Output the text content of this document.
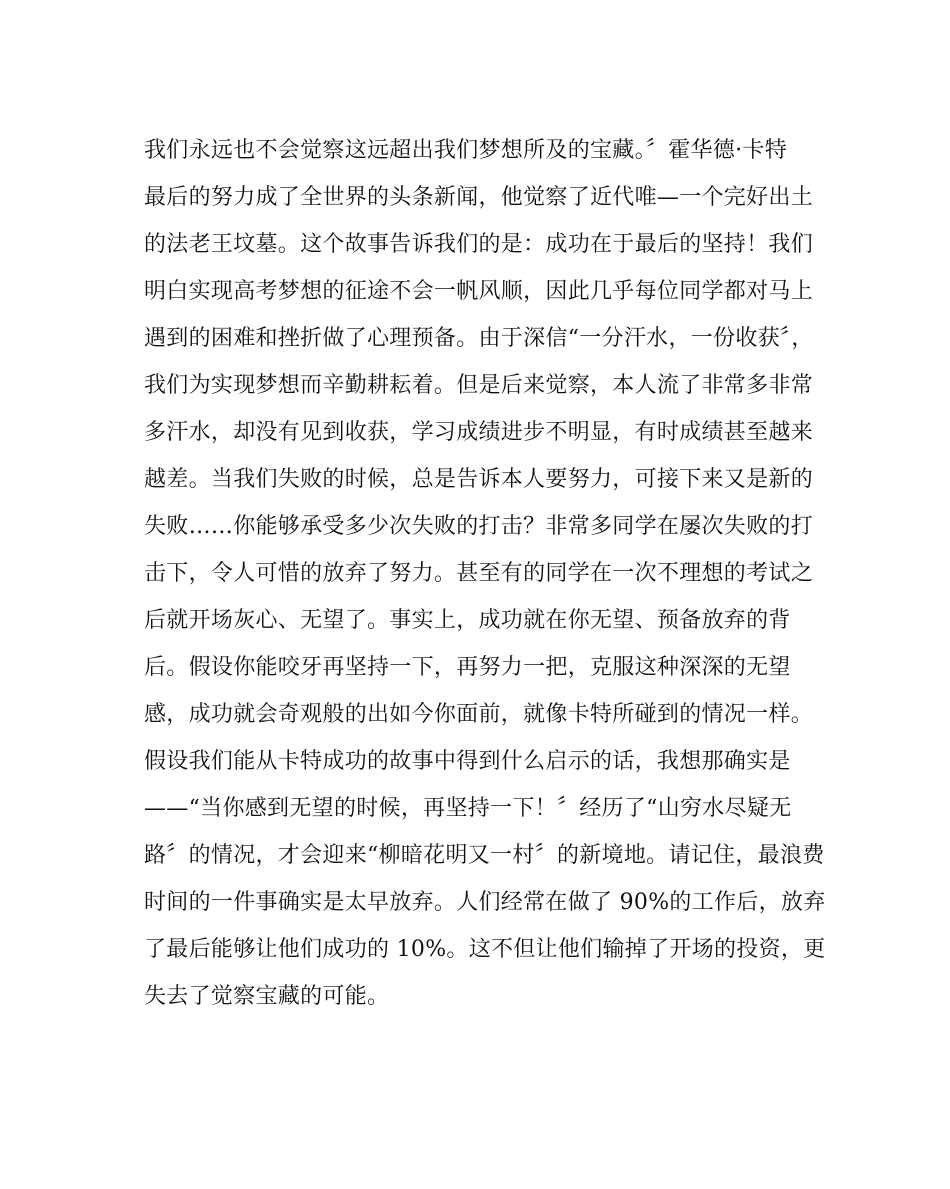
我们永远也不会觉察这远超出我们梦想所及的宝藏。〞霍华德·卡特
最后的努力成了全世界的头条新闻，他觉察了近代唯—一个完好出土
的法老王坟墓。这个故事告诉我们的是：成功在于最后的坚持！我们
明白实现高考梦想的征途不会一帆风顺，因此几乎每位同学都对马上
遇到的困难和挫折做了心理预备。由于深信“一分汗水，一份收获〞，
我们为实现梦想而辛勤耕耘着。但是后来觉察，本人流了非常多非常
多汗水，却没有见到收获，学习成绩进步不明显，有时成绩甚至越来
越差。当我们失败的时候，总是告诉本人要努力，可接下来又是新的
失败……你能够承受多少次失败的打击？非常多同学在屡次失败的打
击下，令人可惜的放弃了努力。甚至有的同学在一次不理想的考试之
后就开场灰心、无望了。事实上，成功就在你无望、预备放弃的背
后。假设你能咬牙再坚持一下，再努力一把，克服这种深深的无望
感，成功就会奇观般的出如今你面前，就像卡特所碰到的情况一样。
假设我们能从卡特成功的故事中得到什么启示的话，我想那确实是
——“当你感到无望的时候，再坚持一下！〞经历了“山穷水尽疑无
路〞的情况，才会迎来“柳暗花明又一村〞的新境地。请记住，最浪费
时间的一件事确实是太早放弃。人们经常在做了 90%的工作后，放弃
了最后能够让他们成功的 10%。这不但让他们输掉了开场的投资，更
失去了觉察宝藏的可能。
